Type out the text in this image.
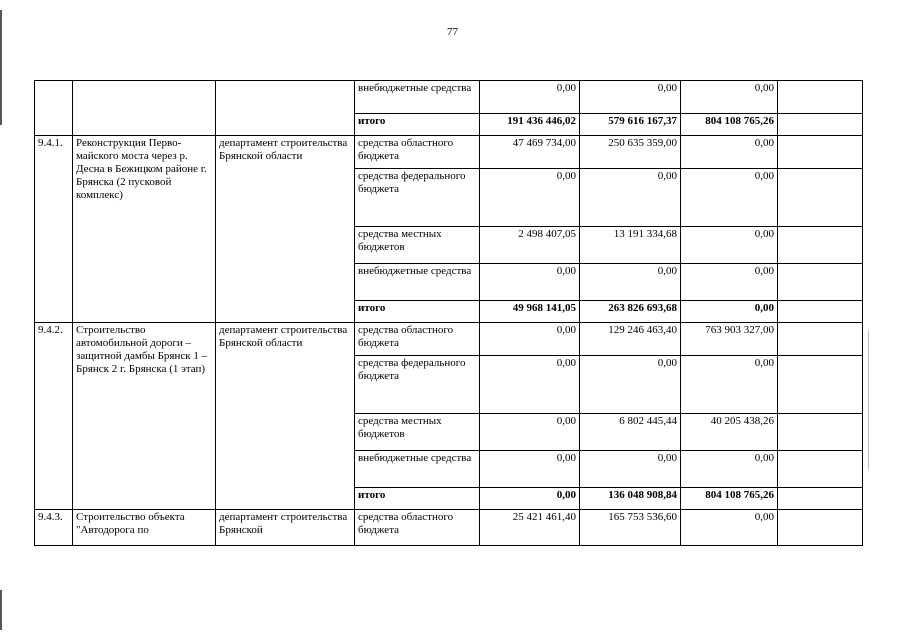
77
			внебюджетные средства	0,00	0,00	0,00	
			итого	191 436 446,02	579 616 167,37	804 108 765,26	
9.4.1.	Реконструкция Перво-майского моста через р. Десна в Бежицком районе г. Брянска (2 пусковой комплекс)	департамент строительства Брянской области	средства областного бюджета	47 469 734,00	250 635 359,00	0,00	
			средства федерального бюджета	0,00	0,00	0,00	
			средства местных бюджетов	2 498 407,05	13 191 334,68	0,00	
			внебюджетные средства	0,00	0,00	0,00	
			итого	49 968 141,05	263 826 693,68	0,00	
9.4.2.	Строительство автомобильной дороги – защитной дамбы Брянск 1 – Брянск 2 г. Брянска (1 этап)	департамент строительства Брянской области	средства областного бюджета	0,00	129 246 463,40	763 903 327,00	
			средства федерального бюджета	0,00	0,00	0,00	
			средства местных бюджетов	0,00	6 802 445,44	40 205 438,26	
			внебюджетные средства	0,00	0,00	0,00	
			итого	0,00	136 048 908,84	804 108 765,26	
9.4.3.	Строительство объекта "Автодорога по	департамент строительства Брянской	средства областного бюджета	25 421 461,40	165 753 536,60	0,00	
